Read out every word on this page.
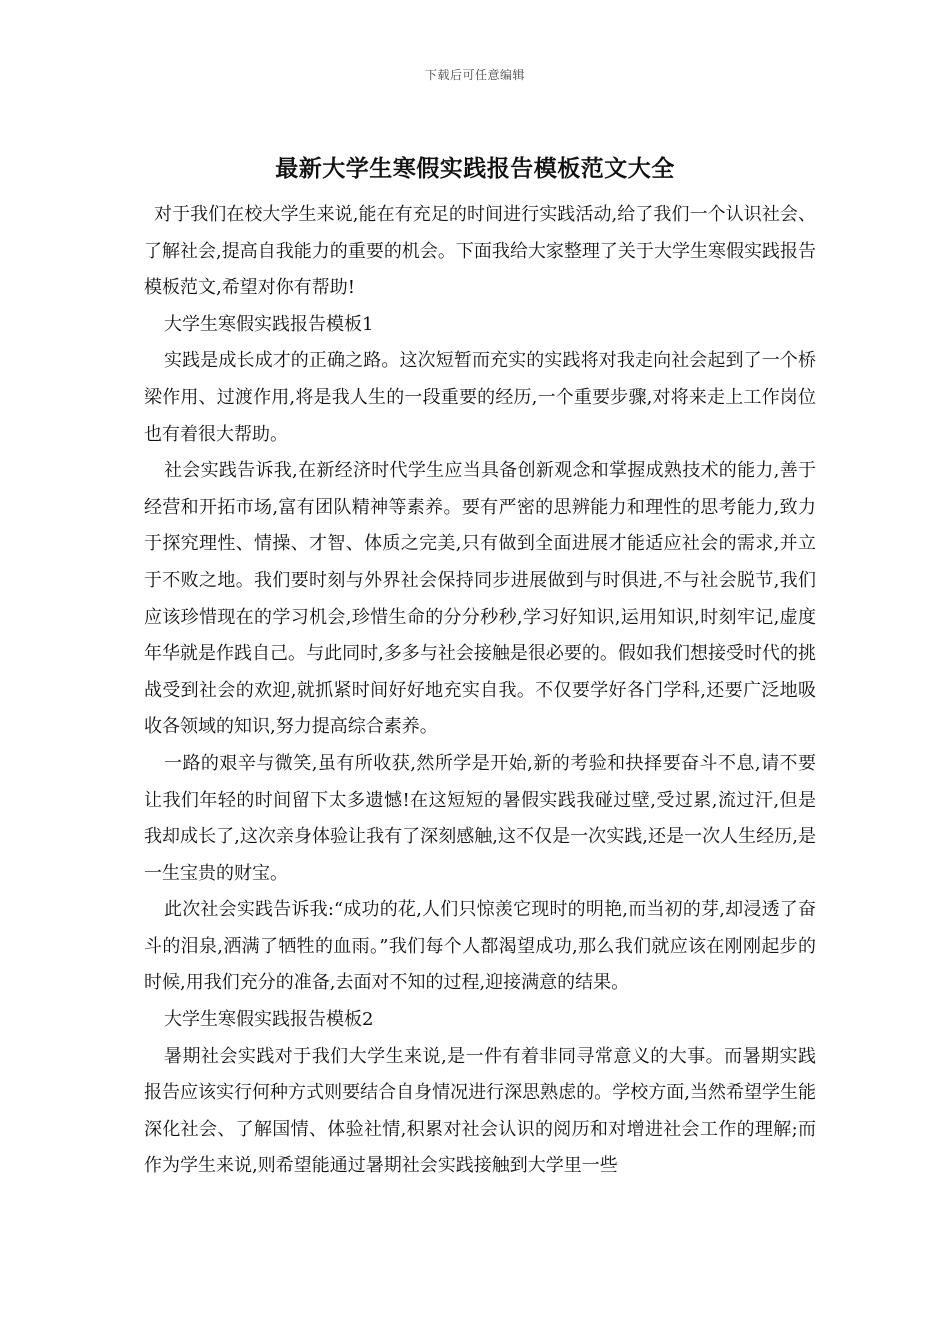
下载后可任意编辑
最新大学生寒假实践报告模板范文大全

对于我们在校大学生来说,能在有充足的时间进行实践活动,给了我们一个认识社会、了解社会,提高自我能力的重要的机会。下面我给大家整理了关于大学生寒假实践报告模板范文,希望对你有帮助!

大学生寒假实践报告模板1

实践是成长成才的正确之路。这次短暂而充实的实践将对我走向社会起到了一个桥梁作用、过渡作用,将是我人生的一段重要的经历,一个重要步骤,对将来走上工作岗位也有着很大帮助。

社会实践告诉我,在新经济时代学生应当具备创新观念和掌握成熟技术的能力,善于经营和开拓市场,富有团队精神等素养。要有严密的思辨能力和理性的思考能力,致力于探究理性、情操、才智、体质之完美,只有做到全面进展才能适应社会的需求,并立于不败之地。我们要时刻与外界社会保持同步进展做到与时俱进,不与社会脱节,我们应该珍惜现在的学习机会,珍惜生命的分分秒秒,学习好知识,运用知识,时刻牢记,虚度年华就是作践自己。与此同时,多多与社会接触是很必要的。假如我们想接受时代的挑战受到社会的欢迎,就抓紧时间好好地充实自我。不仅要学好各门学科,还要广泛地吸收各领域的知识,努力提高综合素养。

一路的艰辛与微笑,虽有所收获,然所学是开始,新的考验和抉择要奋斗不息,请不要让我们年轻的时间留下太多遗憾!在这短短的暑假实践我碰过壁,受过累,流过汗,但是我却成长了,这次亲身体验让我有了深刻感触,这不仅是一次实践,还是一次人生经历,是一生宝贵的财宝。

此次社会实践告诉我:“成功的花,人们只惊羡它现时的明艳,而当初的芽,却浸透了奋斗的泪泉,洒满了牺牲的血雨。”我们每个人都渴望成功,那么我们就应该在刚刚起步的时候,用我们充分的准备,去面对不知的过程,迎接满意的结果。

大学生寒假实践报告模板2

暑期社会实践对于我们大学生来说,是一件有着非同寻常意义的大事。而暑期实践报告应该实行何种方式则要结合自身情况进行深思熟虑的。学校方面,当然希望学生能深化社会、了解国情、体验社情,积累对社会认识的阅历和对增进社会工作的理解;而作为学生来说,则希望能通过暑期社会实践接触到大学里一些
